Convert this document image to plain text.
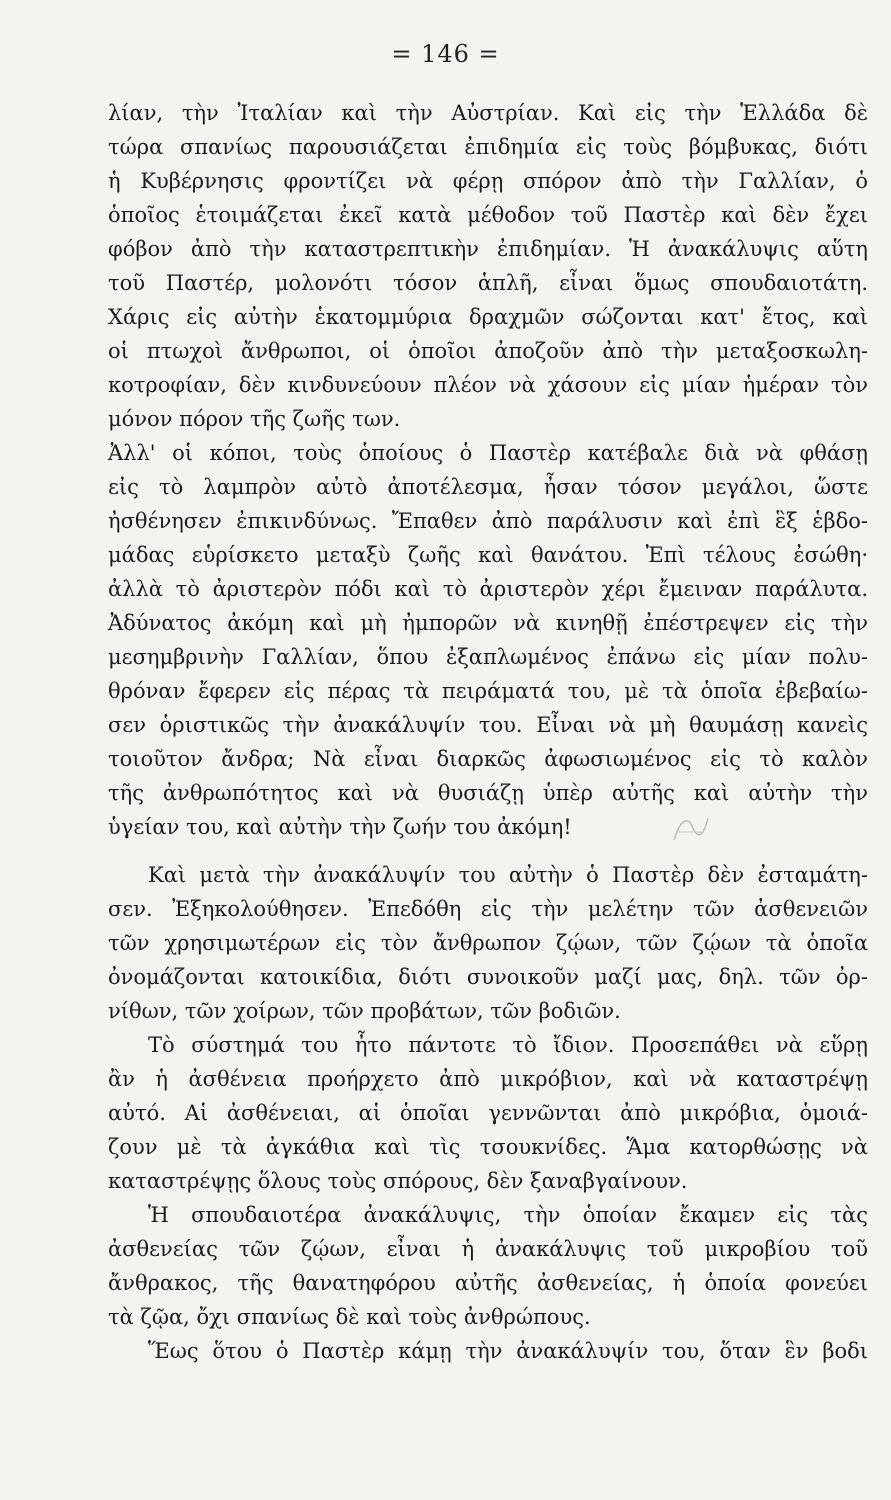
= 146 =
λίαν, τὴν Ἰταλίαν καὶ τὴν Αὐστρίαν. Καὶ εἰς τὴν Ἑλλάδα δὲ
τώρα σπανίως παρουσιάζεται ἐπιδημία εἰς τοὺς βόμβυκας, διότι
ἡ Κυβέρνησις φροντίζει νὰ φέρῃ σπόρον ἀπὸ τὴν Γαλλίαν, ὁ
ὁποῖος ἑτοιμάζεται ἐκεῖ κατὰ μέθοδον τοῦ Παστὲρ καὶ δὲν ἔχει
φόβον ἀπὸ τὴν καταστρεπτικὴν ἐπιδημίαν. Ἡ ἀνακάλυψις αὕτη
τοῦ Παστέρ, μολονότι τόσον ἁπλῆ, εἶναι ὅμως σπουδαιοτάτη.
Χάρις εἰς αὐτὴν ἑκατομμύρια δραχμῶν σώζονται κατ' ἔτος, καὶ
οἱ πτωχοὶ ἄνθρωποι, οἱ ὁποῖοι ἀποζοῦν ἀπὸ τὴν μεταξοσκωλη-
κοτροφίαν, δὲν κινδυνεύουν πλέον νὰ χάσουν εἰς μίαν ἡμέραν τὸν
μόνον πόρον τῆς ζωῆς των.
Ἀλλ' οἱ κόποι, τοὺς ὁποίους ὁ Παστὲρ κατέβαλε διὰ νὰ φθάσῃ
εἰς τὸ λαμπρὸν αὐτὸ ἀποτέλεσμα, ἦσαν τόσον μεγάλοι, ὥστε
ἠσθένησεν ἐπικινδύνως. Ἔπαθεν ἀπὸ παράλυσιν καὶ ἐπὶ ἓξ ἑβδο-
μάδας εὑρίσκετο μεταξὺ ζωῆς καὶ θανάτου. Ἐπὶ τέλους ἐσώθη·
ἀλλὰ τὸ ἀριστερὸν πόδι καὶ τὸ ἀριστερὸν χέρι ἔμειναν παράλυτα.
Ἀδύνατος ἀκόμη καὶ μὴ ἠμπορῶν νὰ κινηθῇ ἐπέστρεψεν εἰς τὴν
μεσημβρινὴν Γαλλίαν, ὅπου ἐξαπλωμένος ἐπάνω εἰς μίαν πολυ-
θρόναν ἔφερεν εἰς πέρας τὰ πειράματά του, μὲ τὰ ὁποῖα ἐβεβαίω-
σεν ὁριστικῶς τὴν ἀνακάλυψίν του. Εἶναι νὰ μὴ θαυμάσῃ κανεὶς
τοιοῦτον ἄνδρα; Νὰ εἶναι διαρκῶς ἀφωσιωμένος εἰς τὸ καλὸν
τῆς ἀνθρωπότητος καὶ νὰ θυσιάζῃ ὑπὲρ αὐτῆς καὶ αὐτὴν τὴν
ὑγείαν του, καὶ αὐτὴν τὴν ζωήν του ἀκόμη!
Καὶ μετὰ τὴν ἀνακάλυψίν του αὐτὴν ὁ Παστὲρ δὲν ἐσταμάτη-
σεν. Ἐξηκολούθησεν. Ἐπεδόθη εἰς τὴν μελέτην τῶν ἀσθενειῶν
τῶν χρησιμωτέρων εἰς τὸν ἄνθρωπον ζῴων, τῶν ζῴων τὰ ὁποῖα
ὀνομάζονται κατοικίδια, διότι συνοικοῦν μαζί μας, δηλ. τῶν ὀρ-
νίθων, τῶν χοίρων, τῶν προβάτων, τῶν βοδιῶν.
Τὸ σύστημά του ἦτο πάντοτε τὸ ἴδιον. Προσεπάθει νὰ εὕρῃ
ἂν ἡ ἀσθένεια προήρχετο ἀπὸ μικρόβιον, καὶ νὰ καταστρέψῃ
αὐτό. Αἱ ἀσθένειαι, αἱ ὁποῖαι γεννῶνται ἀπὸ μικρόβια, ὁμοιά-
ζουν μὲ τὰ ἀγκάθια καὶ τὶς τσουκνίδες. Ἅμα κατορθώσῃς νὰ
καταστρέψῃς ὅλους τοὺς σπόρους, δὲν ξαναβγαίνουν.
Ἡ σπουδαιοτέρα ἀνακάλυψις, τὴν ὁποίαν ἔκαμεν εἰς τὰς
ἀσθενείας τῶν ζῴων, εἶναι ἡ ἀνακάλυψις τοῦ μικροβίου τοῦ
ἄνθρακος, τῆς θανατηφόρου αὐτῆς ἀσθενείας, ἡ ὁποία φονεύει
τὰ ζῷα, ὄχι σπανίως δὲ καὶ τοὺς ἀνθρώπους.
Ἕως ὅτου ὁ Παστὲρ κάμῃ τὴν ἀνακάλυψίν του, ὅταν ἓν βοδι
